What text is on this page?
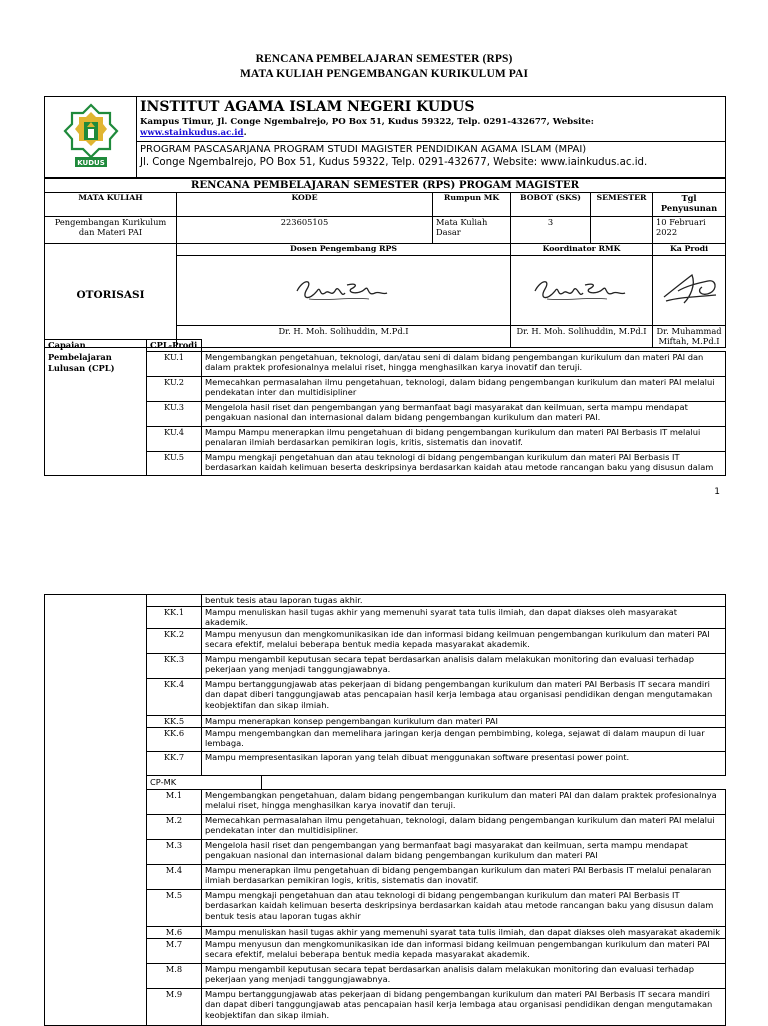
RENCANA PEMBELAJARAN SEMESTER (RPS)
MATA KULIAH PENGEMBANGAN KURIKULUM PAI
KUDUS

INSTITUT AGAMA ISLAM NEGERI KUDUS
Kampus Timur, Jl. Conge Ngembalrejo, PO Box 51, Kudus 59322, Telp. 0291-432677, Website:
www.stainkudus.ac.id.
PROGRAM PASCASARJANA PROGRAM STUDI MAGISTER PENDIDIKAN AGAMA ISLAM (MPAI)
Jl. Conge Ngembalrejo, PO Box 51, Kudus 59322, Telp. 0291-432677, Website: www.iainkudus.ac.id.
RENCANA PEMBELAJARAN SEMESTER (RPS) PROGAM MAGISTER					
MATA KULIAH	KODE	Rumpun MK	BOBOT (SKS)	SEMESTER	Tgl Penyusunan
Pengembangan Kurikulum dan Materi PAI	223605105	Mata Kuliah Dasar	3		10 Februari 2022
OTORISASI	Dosen Pengembang RPS		Koordinator RMK		Ka Prodi

	Dr. H. Moh. Solihuddin, M.Pd.I		Dr. H. Moh. Solihuddin, M.Pd.I		Dr. Muhammad Miftah, M.Pd.I
Capaian Pembelajaran Lulusan (CPL)	CPL-Prodi	
	KU.1	Mengembangkan pengetahuan, teknologi, dan/atau seni di dalam bidang pengembangan kurikulum dan materi PAI dan dalam praktek profesionalnya melalui riset, hingga menghasilkan karya inovatif dan teruji.
	KU.2	Memecahkan permasalahan ilmu pengetahuan, teknologi, dalam bidang pengembangan kurikulum dan materi PAI melalui pendekatan inter dan multidisipliner
	KU.3	Mengelola hasil riset dan pengembangan yang bermanfaat bagi masyarakat dan keilmuan, serta mampu mendapat pengakuan nasional dan internasional dalam bidang pengembangan kurikulum dan materi PAI.
	KU.4	Mampu Mampu menerapkan ilmu pengetahuan di bidang pengembangan kurikulum dan materi PAI Berbasis IT melalui penalaran ilmiah berdasarkan pemikiran logis, kritis, sistematis dan inovatif.
	KU.5	Mampu mengkaji pengetahuan dan atau teknologi di bidang pengembangan kurikulum dan materi PAI Berbasis IT berdasarkan kaidah kelimuan beserta deskripsinya berdasarkan kaidah atau metode rancangan baku yang disusun dalam
1
		bentuk tesis atau laporan tugas akhir.	
	KK.1	Mampu menuliskan hasil tugas akhir yang memenuhi syarat tata tulis ilmiah, dan dapat diakses oleh masyarakat akademik.	
	KK.2	Mampu menyusun dan mengkomunikasikan ide dan informasi bidang keilmuan pengembangan kurikulum dan materi PAI secara efektif, melalui beberapa bentuk media kepada masyarakat akademik.	
	KK.3	Mampu mengambil keputusan secara tepat berdasarkan analisis dalam melakukan monitoring dan evaluasi terhadap pekerjaan yang menjadi tanggungjawabnya.	
	KK.4	Mampu bertanggungjawab atas pekerjaan di bidang pengembangan kurikulum dan materi PAI Berbasis IT secara mandiri dan dapat diberi tanggungjawab atas pencapaian hasil kerja lembaga atau organisasi pendidikan dengan mengutamakan keobjektifan dan sikap ilmiah.	
	KK.5	Mampu menerapkan konsep pengembangan kurikulum dan materi PAI	
	KK.6	Mampu mengembangkan dan memelihara jaringan kerja dengan pembimbing, kolega, sejawat di dalam maupun di luar lembaga.	
	KK.7	Mampu mempresentasikan laporan yang telah dibuat menggunakan software presentasi power point.	
	CP-MK		
	M.1	Mengembangkan pengetahuan, dalam bidang pengembangan kurikulum dan materi PAI dan dalam praktek profesionalnya melalui riset, hingga menghasilkan karya inovatif dan teruji.	
	M.2	Memecahkan permasalahan ilmu pengetahuan, teknologi, dalam bidang pengembangan kurikulum dan materi PAI melalui pendekatan inter dan multidisipliner.	
	M.3	Mengelola hasil riset dan pengembangan yang bermanfaat bagi masyarakat dan keilmuan, serta mampu mendapat pengakuan nasional dan internasional dalam bidang pengembangan kurikulum dan materi PAI	
	M.4	Mampu menerapkan ilmu pengetahuan di bidang pengembangan kurikulum dan materi PAI Berbasis IT melalui penalaran ilmiah berdasarkan pemikiran logis, kritis, sistematis dan inovatif.	
	M.5	Mampu mengkaji pengetahuan dan atau teknologi di bidang pengembangan kurikulum dan materi PAI Berbasis IT berdasarkan kaidah kelimuan beserta deskripsinya berdasarkan kaidah atau metode rancangan baku yang disusun dalam bentuk tesis atau laporan tugas akhir	
	M.6	Mampu menuliskan hasil tugas akhir yang memenuhi syarat tata tulis ilmiah, dan dapat diakses oleh masyarakat akademik	
	M.7	Mampu menyusun dan mengkomunikasikan ide dan informasi bidang keilmuan pengembangan kurikulum dan materi PAI secara efektif, melalui beberapa bentuk media kepada masyarakat akademik.	
	M.8	Mampu mengambil keputusan secara tepat berdasarkan analisis dalam melakukan monitoring dan evaluasi terhadap pekerjaan yang menjadi tanggungjawabnya.	
	M.9	Mampu bertanggungjawab atas pekerjaan di bidang pengembangan kurikulum dan materi PAI Berbasis IT secara mandiri dan dapat diberi tanggungjawab atas pencapaian hasil kerja lembaga atau organisasi pendidikan dengan mengutamakan keobjektifan dan sikap ilmiah.	
